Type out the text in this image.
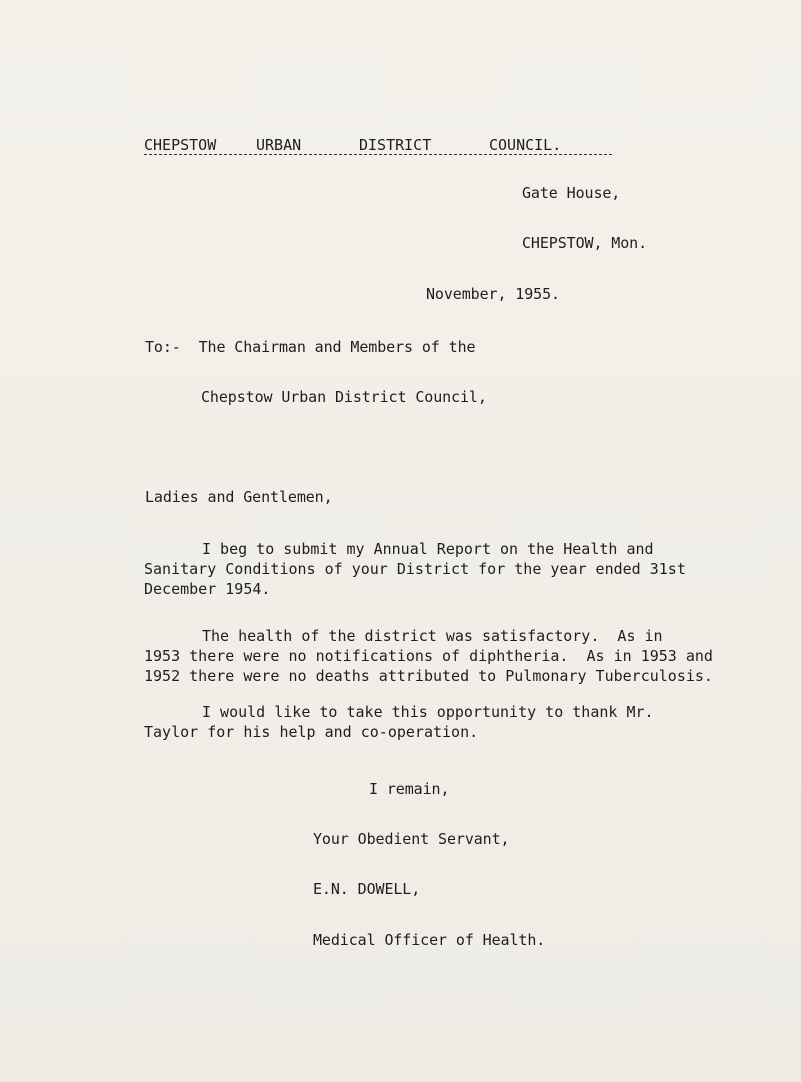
CHEPSTOW	URBAN	DISTRICT	COUNCIL.
Gate House,
CHEPSTOW, Mon.
November, 1955.
To:-  The Chairman and Members of the
Chepstow Urban District Council,
Ladies and Gentlemen,
I beg to submit my Annual Report on the Health and
Sanitary Conditions of your District for the year ended 31st
December 1954.
The health of the district was satisfactory.  As in
1953 there were no notifications of diphtheria.  As in 1953 and
1952 there were no deaths attributed to Pulmonary Tuberculosis.
I would like to take this opportunity to thank Mr.
Taylor for his help and co-operation.
I remain,
Your Obedient Servant,
E.N. DOWELL,
Medical Officer of Health.
